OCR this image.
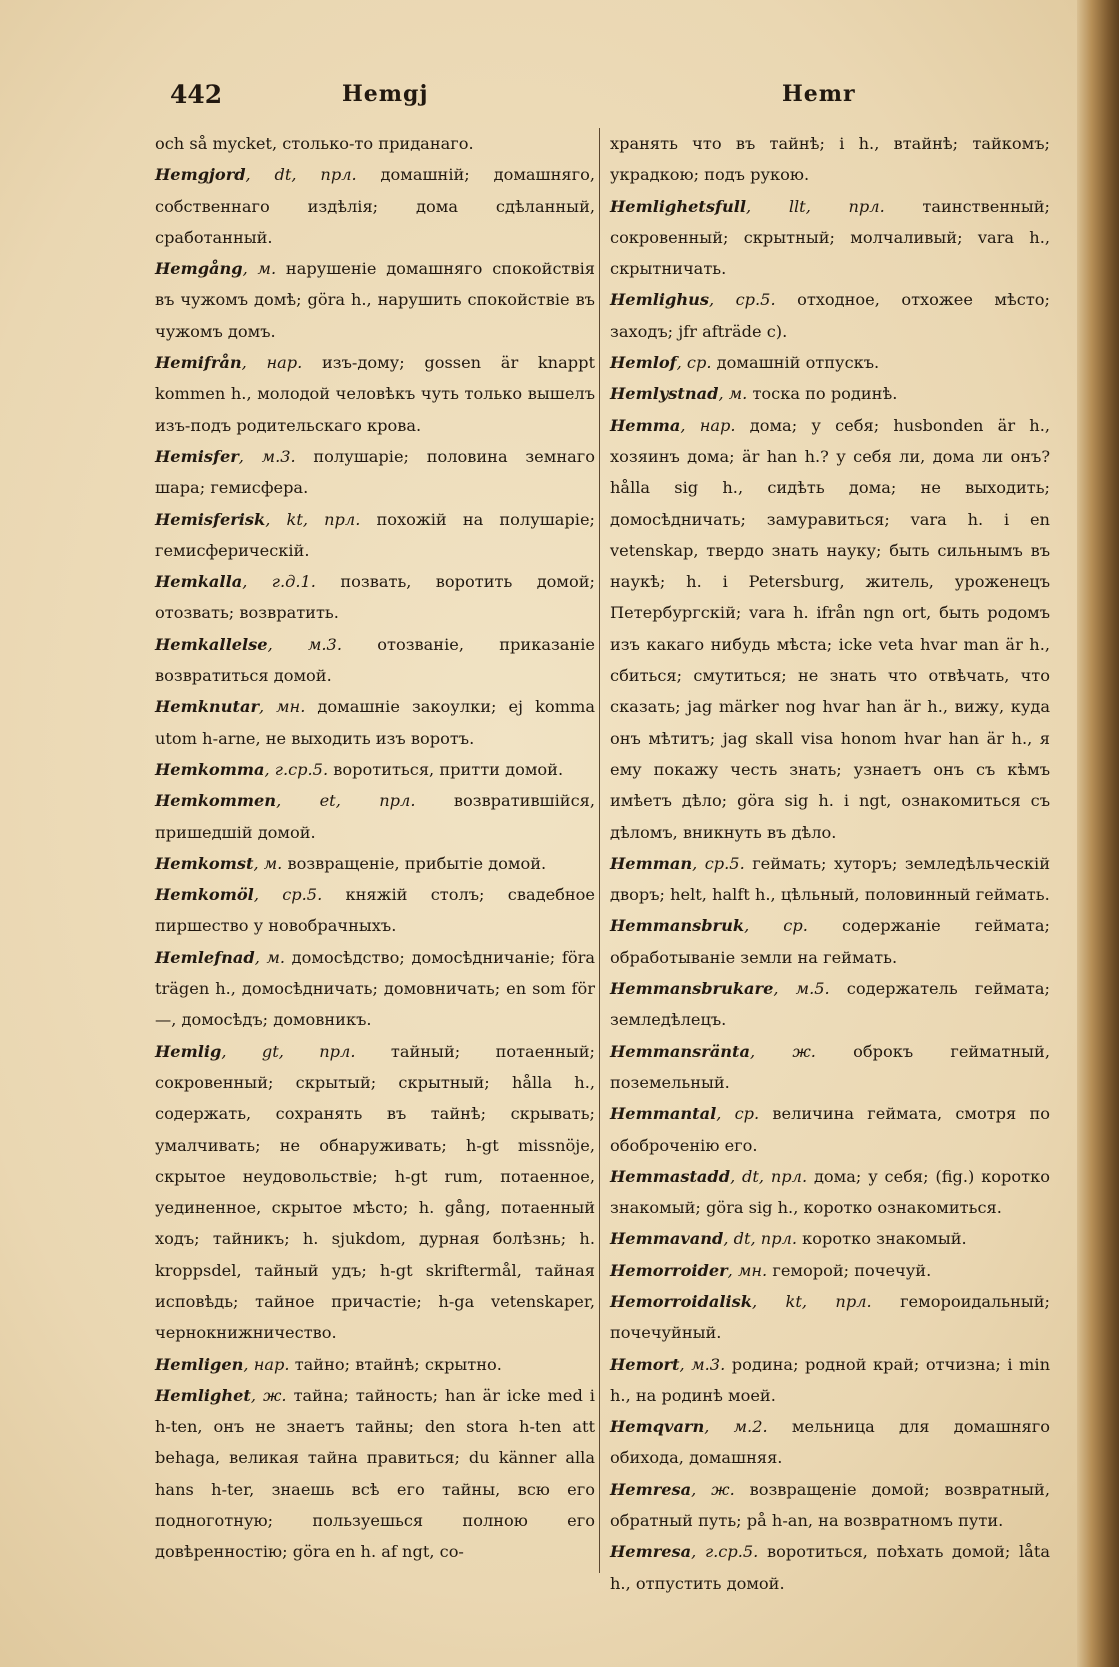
442	Hemgj	Hemr

och så myсket, столько-то приданаго.

Hemgjord, dt, прл. домашній; домашняго, собственнаго издѣлія; дома сдѣланный, сработанный.

Hemgång, м. нарушеніе домашняго спокойствія въ чужомъ домѣ; göra h., нарушить спокойствіе въ чужомъ домъ.

Hemifrån, нар. изъ-дому; gossen är knappt kommen h., молодой человѣкъ чуть только вышелъ изъ-подъ родительскаго крова.

Hemisfer, м.3. полушаріе; половина земнаго шара; гемисфера.

Hemisferisk, kt, прл. похожій на полушаріе; гемисферическій.

Hemkalla, г.д.1. позвать, воротить домой; отозвать; возвратить.

Hemkallelse, м.3. отозваніе, приказаніе возвратиться домой.

Hemknutar, мн. домашніе закоулки; ej komma utom h-arne, не выходить изъ воротъ.

Hemkomma, г.ср.5. воротиться, притти домой.

Hemkommen, et, прл. возвратившійся, пришедшій домой.

Hemkomst, м. возвращеніе, прибытіе домой.

Hemkomöl, ср.5. княжій столъ; свадебное пиршество у новобрачныхъ.

Hemlefnad, м. домосѣдство; домосѣдничаніе; föra trägen h., домосѣдничать; домовничать; en som för —, домосѣдъ; домовникъ.

Hemlig, gt, прл. тайный; потаенный; сокровенный; скрытый; скрытный; hålla h., содержать, сохранять въ тайнѣ; скрывать; умалчивать; не обнаруживать; h-gt missnöje, скрытое неудовольствіе; h-gt rum, потаенное, уединенное, скрытое мѣсто; h. gång, потаенный ходъ; тайникъ; h. sjukdom, дурная болѣзнь; h. kroppsdel, тайный удъ; h-gt skriftermål, тайная исповѣдь; тайное причастіе; h-ga vetenskaper, чернокнижничество.

Hemligen, нар. тайно; втайнѣ; скрытно.

Hemlighet, ж. тайна; тайность; han är icke med i h-ten, онъ не знаетъ тайны; den stora h-ten att behaga, великая тайна правиться; du känner alla hans h-ter, знаешь всѣ его тайны, всю его подноготную; пользуешься полною его довѣренностію; göra en h. af ngt, со-

хранять что въ тайнѣ; i h., втайнѣ; тайкомъ; украдкою; подъ рукою.

Hemlighetsfull, llt, прл. таинственный; сокровенный; скрытный; молчаливый; vara h., скрытничать.

Hemlighus, ср.5. отходное, отхожее мѣсто; заходъ; jfr afträde c).

Hemlof, ср. домашній отпускъ.

Hemlystnad, м. тоска по родинѣ.

Hemma, нар. дома; у себя; husbonden är h., хозяинъ дома; är han h.? у себя ли, дома ли онъ? hålla sig h., сидѣть дома; не выходить; домосѣдничать; замуравиться; vara h. i en vetenskap, твердо знать науку; быть сильнымъ въ наукѣ; h. i Petersburg, житель, уроженецъ Петербургскій; vara h. ifrån ngn ort, быть родомъ изъ какаго нибудь мѣста; icke veta hvar man är h., сбиться; смутиться; не знать что отвѣчать, что сказать; jag märker nog hvar han är h., вижу, куда онъ мѣтитъ; jag skall visa honom hvar han är h., я ему покажу честь знать; узнаетъ онъ съ кѣмъ имѣетъ дѣло; göra sig h. i ngt, ознакомиться съ дѣломъ, вникнуть въ дѣло.

Hemman, ср.5. геймать; хуторъ; земледѣльческій дворъ; helt, halft h., цѣльный, половинный геймать.

Hemmansbruk, ср. содержаніе гейматa; обработываніе земли на геймать.

Hemmansbrukare, м.5. содержатель гейматa; земледѣлецъ.

Hemmansränta, ж. оброкъ гейматный, поземельный.

Hemmantal, ср. величина гейматa, смотря по обоброченію его.

Hemmastadd, dt, прл. дома; у себя; (fig.) коротко знакомый; göra sig h., коротко ознакомиться.

Hemmavand, dt, прл. коротко знакомый.

Hemorroider, мн. геморой; почечуй.

Hemorroidalisk, kt, прл. гемороидальный; почечуйный.

Hemort, м.3. родина; родной край; отчизна; i min h., на родинѣ моей.

Hemqvarn, м.2. мельница для домашняго обихода, домашняя.

Hemresa, ж. возвращеніе домой; возвратный, обратный путь; på h-an, на возвратномъ пути.

Hemresa, г.ср.5. воротиться, поѣхать домой; låta h., отпустить домой.
